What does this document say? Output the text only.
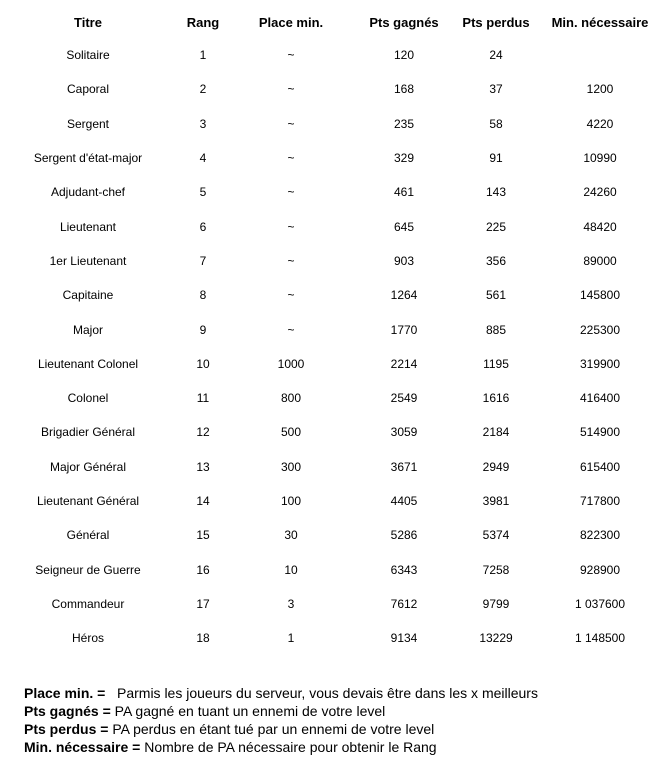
Titre	Rang	Place min.	Pts gagnés	Pts perdus	Min. nécessaire
Solitaire	1	~	120	24	
Caporal	2	~	168	37	1200
Sergent	3	~	235	58	4220
Sergent d'état-major	4	~	329	91	10990
Adjudant-chef	5	~	461	143	24260
Lieutenant	6	~	645	225	48420
1er Lieutenant	7	~	903	356	89000
Capitaine	8	~	1264	561	145800
Major	9	~	1770	885	225300
Lieutenant Colonel	10	1000	2214	1195	319900
Colonel	11	800	2549	1616	416400
Brigadier Général	12	500	3059	2184	514900
Major Général	13	300	3671	2949	615400
Lieutenant Général	14	100	4405	3981	717800
Général	15	30	5286	5374	822300
Seigneur de Guerre	16	10	6343	7258	928900
Commandeur	17	3	7612	9799	1 037600
Héros	18	1	9134	13229	1 148500
Place min. =   Parmis les joueurs du serveur, vous devais être dans les x meilleurs
Pts gagnés = PA gagné en tuant un ennemi de votre level
Pts perdus = PA perdus en étant tué par un ennemi de votre level
Min. nécessaire = Nombre de PA nécessaire pour obtenir le Rang
